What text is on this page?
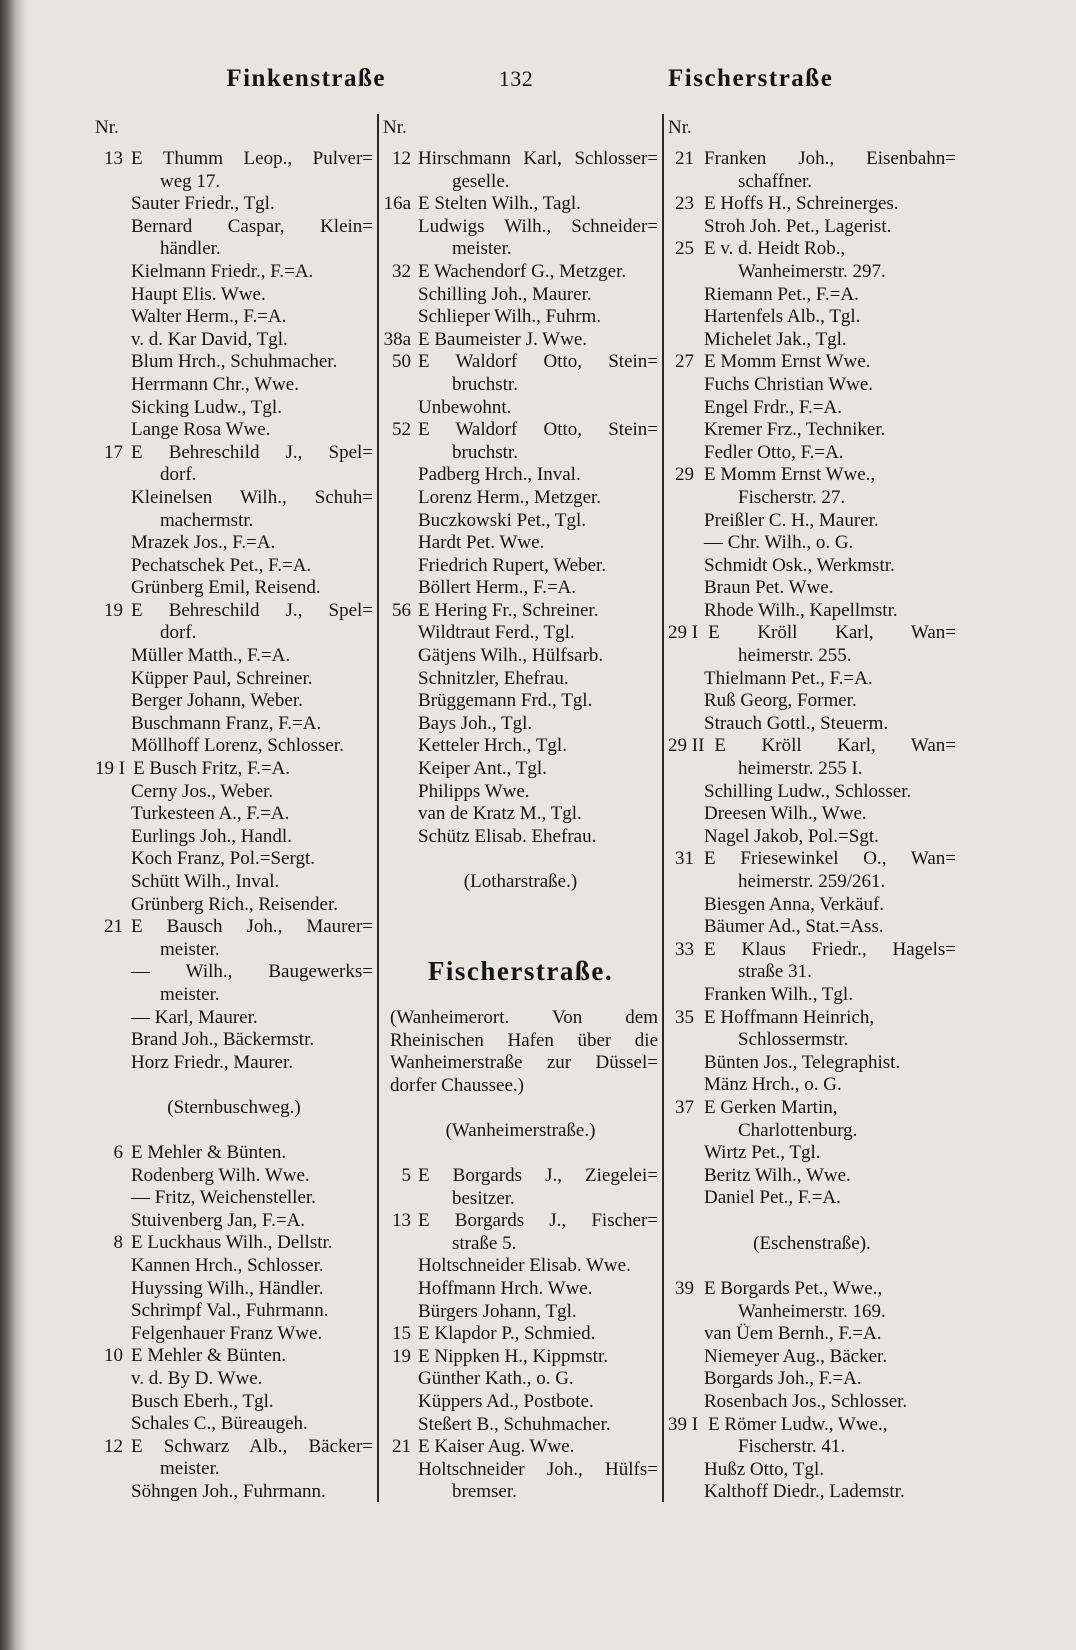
Finkenstraße	132	Fischerstraße
Nr.
13 E Thumm Leop., Pulver=
weg 17.
Sauter Friedr., Tgl.
Bernard Caspar, Klein=
händler.
Kielmann Friedr., F.=A.
Haupt Elis. Wwe.
Walter Herm., F.=A.
v. d. Kar David, Tgl.
Blum Hrch., Schuhmacher.
Herrmann Chr., Wwe.
Sicking Ludw., Tgl.
Lange Rosa Wwe.
17 E Behreschild J., Spel=
dorf.
Kleinelsen Wilh., Schuh=
machermstr.
Mrazek Jos., F.=A.
Pechatschek Pet., F.=A.
Grünberg Emil, Reisend.
19 E Behreschild J., Spel=
dorf.
Müller Matth., F.=A.
Küpper Paul, Schreiner.
Berger Johann, Weber.
Buschmann Franz, F.=A.
Möllhoff Lorenz, Schlosser.
19 I E Busch Fritz, F.=A.
Cerny Jos., Weber.
Turkesteen A., F.=A.
Eurlings Joh., Handl.
Koch Franz, Pol.=Sergt.
Schütt Wilh., Inval.
Grünberg Rich., Reisender.
21 E Bausch Joh., Maurer=
meister.
— Wilh., Baugewerks=
meister.
— Karl, Maurer.
Brand Joh., Bäckermstr.
Horz Friedr., Maurer.
(Sternbuschweg.)
6 E Mehler & Bünten.
Rodenberg Wilh. Wwe.
— Fritz, Weichensteller.
Stuivenberg Jan, F.=A.
8 E Luckhaus Wilh., Dellstr.
Kannen Hrch., Schlosser.
Huyssing Wilh., Händler.
Schrimpf Val., Fuhrmann.
Felgenhauer Franz Wwe.
10 E Mehler & Bünten.
v. d. By D. Wwe.
Busch Eberh., Tgl.
Schales C., Büreaugeh.
12 E Schwarz Alb., Bäcker=
meister.
Söhngen Joh., Fuhrmann.
Nr.
12 Hirschmann Karl, Schlosser=
geselle.
16a E Stelten Wilh., Tagl.
Ludwigs Wilh., Schneider=
meister.
32 E Wachendorf G., Metzger.
Schilling Joh., Maurer.
Schlieper Wilh., Fuhrm.
38a E Baumeister J. Wwe.
50 E Waldorf Otto, Stein=
bruchstr.
Unbewohnt.
52 E Waldorf Otto, Stein=
bruchstr.
Padberg Hrch., Inval.
Lorenz Herm., Metzger.
Buczkowski Pet., Tgl.
Hardt Pet. Wwe.
Friedrich Rupert, Weber.
Böllert Herm., F.=A.
56 E Hering Fr., Schreiner.
Wildtraut Ferd., Tgl.
Gätjens Wilh., Hülfsarb.
Schnitzler, Ehefrau.
Brüggemann Frd., Tgl.
Bays Joh., Tgl.
Ketteler Hrch., Tgl.
Keiper Ant., Tgl.
Philipps Wwe.
van de Kratz M., Tgl.
Schütz Elisab. Ehefrau.
(Lotharstraße.)
Fischerstraße.
(Wanheimerort. Von dem
Rheinischen Hafen über die
Wanheimerstraße zur Düssel=
dorfer Chaussee.)
(Wanheimerstraße.)
5 E Borgards J., Ziegelei=
besitzer.
13 E Borgards J., Fischer=
straße 5.
Holtschneider Elisab. Wwe.
Hoffmann Hrch. Wwe.
Bürgers Johann, Tgl.
15 E Klapdor P., Schmied.
19 E Nippken H., Kippmstr.
Günther Kath., o. G.
Küppers Ad., Postbote.
Steßert B., Schuhmacher.
21 E Kaiser Aug. Wwe.
Holtschneider Joh., Hülfs=
bremser.
Nr.
21 Franken Joh., Eisenbahn=
schaffner.
23 E Hoffs H., Schreinerges.
Stroh Joh. Pet., Lagerist.
25 E v. d. Heidt Rob.,
Wanheimerstr. 297.
Riemann Pet., F.=A.
Hartenfels Alb., Tgl.
Michelet Jak., Tgl.
27 E Momm Ernst Wwe.
Fuchs Christian Wwe.
Engel Frdr., F.=A.
Kremer Frz., Techniker.
Fedler Otto, F.=A.
29 E Momm Ernst Wwe.,
Fischerstr. 27.
Preißler C. H., Maurer.
— Chr. Wilh., o. G.
Schmidt Osk., Werkmstr.
Braun Pet. Wwe.
Rhode Wilh., Kapellmstr.
29 I E Kröll Karl, Wan=
heimerstr. 255.
Thielmann Pet., F.=A.
Ruß Georg, Former.
Strauch Gottl., Steuerm.
29 II E Kröll Karl, Wan=
heimerstr. 255 I.
Schilling Ludw., Schlosser.
Dreesen Wilh., Wwe.
Nagel Jakob, Pol.=Sgt.
31 E Friesewinkel O., Wan=
heimerstr. 259/261.
Biesgen Anna, Verkäuf.
Bäumer Ad., Stat.=Ass.
33 E Klaus Friedr., Hagels=
straße 31.
Franken Wilh., Tgl.
35 E Hoffmann Heinrich,
Schlossermstr.
Bünten Jos., Telegraphist.
Mänz Hrch., o. G.
37 E Gerken Martin,
Charlottenburg.
Wirtz Pet., Tgl.
Beritz Wilh., Wwe.
Daniel Pet., F.=A.
(Eschenstraße).
39 E Borgards Pet., Wwe.,
Wanheimerstr. 169.
van Üem Bernh., F.=A.
Niemeyer Aug., Bäcker.
Borgards Joh., F.=A.
Rosenbach Jos., Schlosser.
39 I E Römer Ludw., Wwe.,
Fischerstr. 41.
Hußz Otto, Tgl.
Kalthoff Diedr., Lademstr.
